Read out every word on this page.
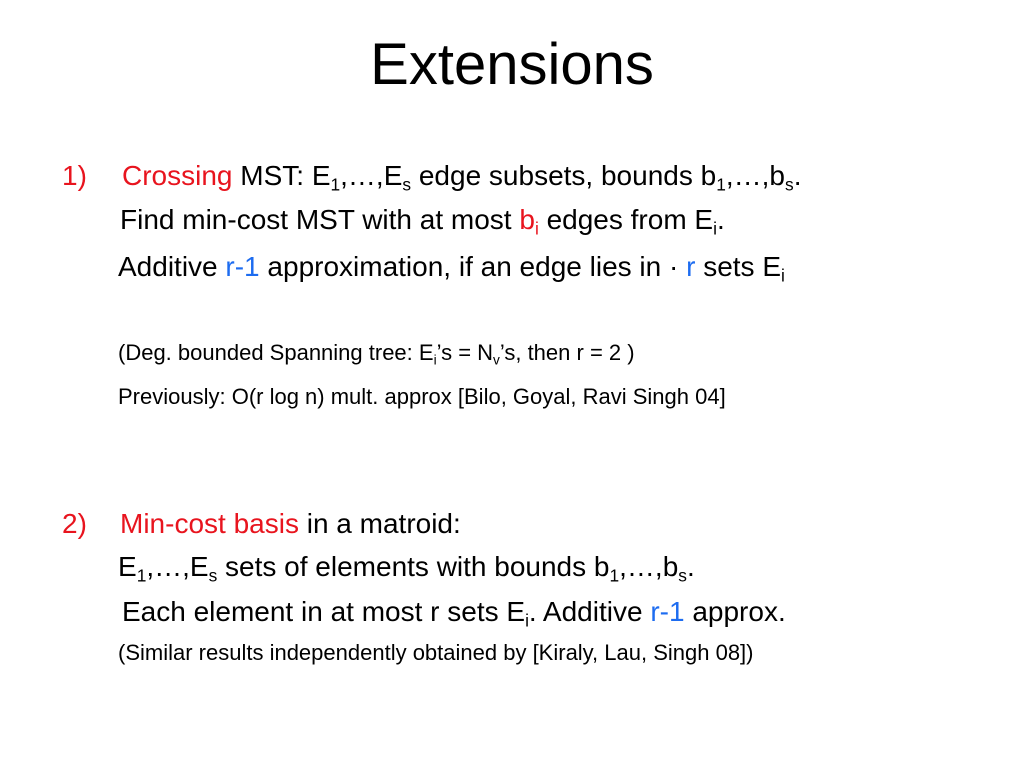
Extensions
1) Crossing MST: $E_1,\dots,E_s$ edge subsets, bounds $b_1,\dots,b_s$.
Find min-cost MST with at most $b_i$ edges from $E_i$.
Additive r-1 approximation, if an edge lies in · r sets $E_i$
(Deg. bounded Spanning tree: $E_i’s$ = $N_v’s$, then r = 2 )
Previously: O(r log n) mult. approx [Bilo, Goyal, Ravi Singh 04]
2) Min-cost basis in a matroid:
$E_1,\dots,E_s$ sets of elements with bounds $b_1,\dots,b_s$.
Each element in at most r sets $E_i$. Additive r-1 approx.
(Similar results independently obtained by [Kiraly, Lau, Singh 08])
